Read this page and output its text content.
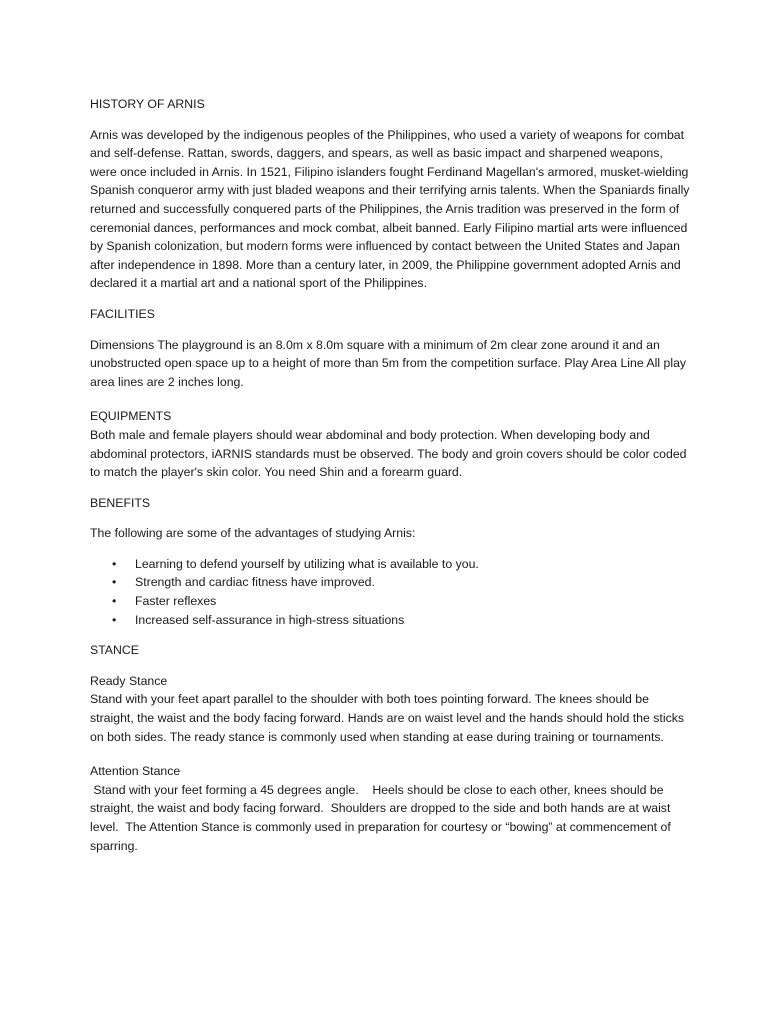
HISTORY OF ARNIS

Arnis was developed by the indigenous peoples of the Philippines, who used a variety of weapons for combat and self-defense. Rattan, swords, daggers, and spears, as well as basic impact and sharpened weapons, were once included in Arnis. In 1521, Filipino islanders fought Ferdinand Magellan's armored, musket-wielding Spanish conqueror army with just bladed weapons and their terrifying arnis talents. When the Spaniards finally returned and successfully conquered parts of the Philippines, the Arnis tradition was preserved in the form of ceremonial dances, performances and mock combat, albeit banned. Early Filipino martial arts were influenced by Spanish colonization, but modern forms were influenced by contact between the United States and Japan after independence in 1898. More than a century later, in 2009, the Philippine government adopted Arnis and declared it a martial art and a national sport of the Philippines.

FACILITIES

Dimensions The playground is an 8.0m x 8.0m square with a minimum of 2m clear zone around it and an unobstructed open space up to a height of more than 5m from the competition surface. Play Area Line All play area lines are 2 inches long.

EQUIPMENTS

Both male and female players should wear abdominal and body protection. When developing body and abdominal protectors, iARNIS standards must be observed. The body and groin covers should be color coded to match the player's skin color. You need Shin and a forearm guard.

BENEFITS

The following are some of the advantages of studying Arnis:

• Learning to defend yourself by utilizing what is available to you.
• Strength and cardiac fitness have improved.
• Faster reflexes
• Increased self-assurance in high-stress situations

STANCE

Ready Stance

Stand with your feet apart parallel to the shoulder with both toes pointing forward. The knees should be straight, the waist and the body facing forward. Hands are on waist level and the hands should hold the sticks on both sides. The ready stance is commonly used when standing at ease during training or tournaments.

Attention Stance

Stand with your feet forming a 45 degrees angle.    Heels should be close to each other, knees should be straight, the waist and body facing forward.  Shoulders are dropped to the side and both hands are at waist level.  The Attention Stance is commonly used in preparation for courtesy or “bowing” at commencement of sparring.
